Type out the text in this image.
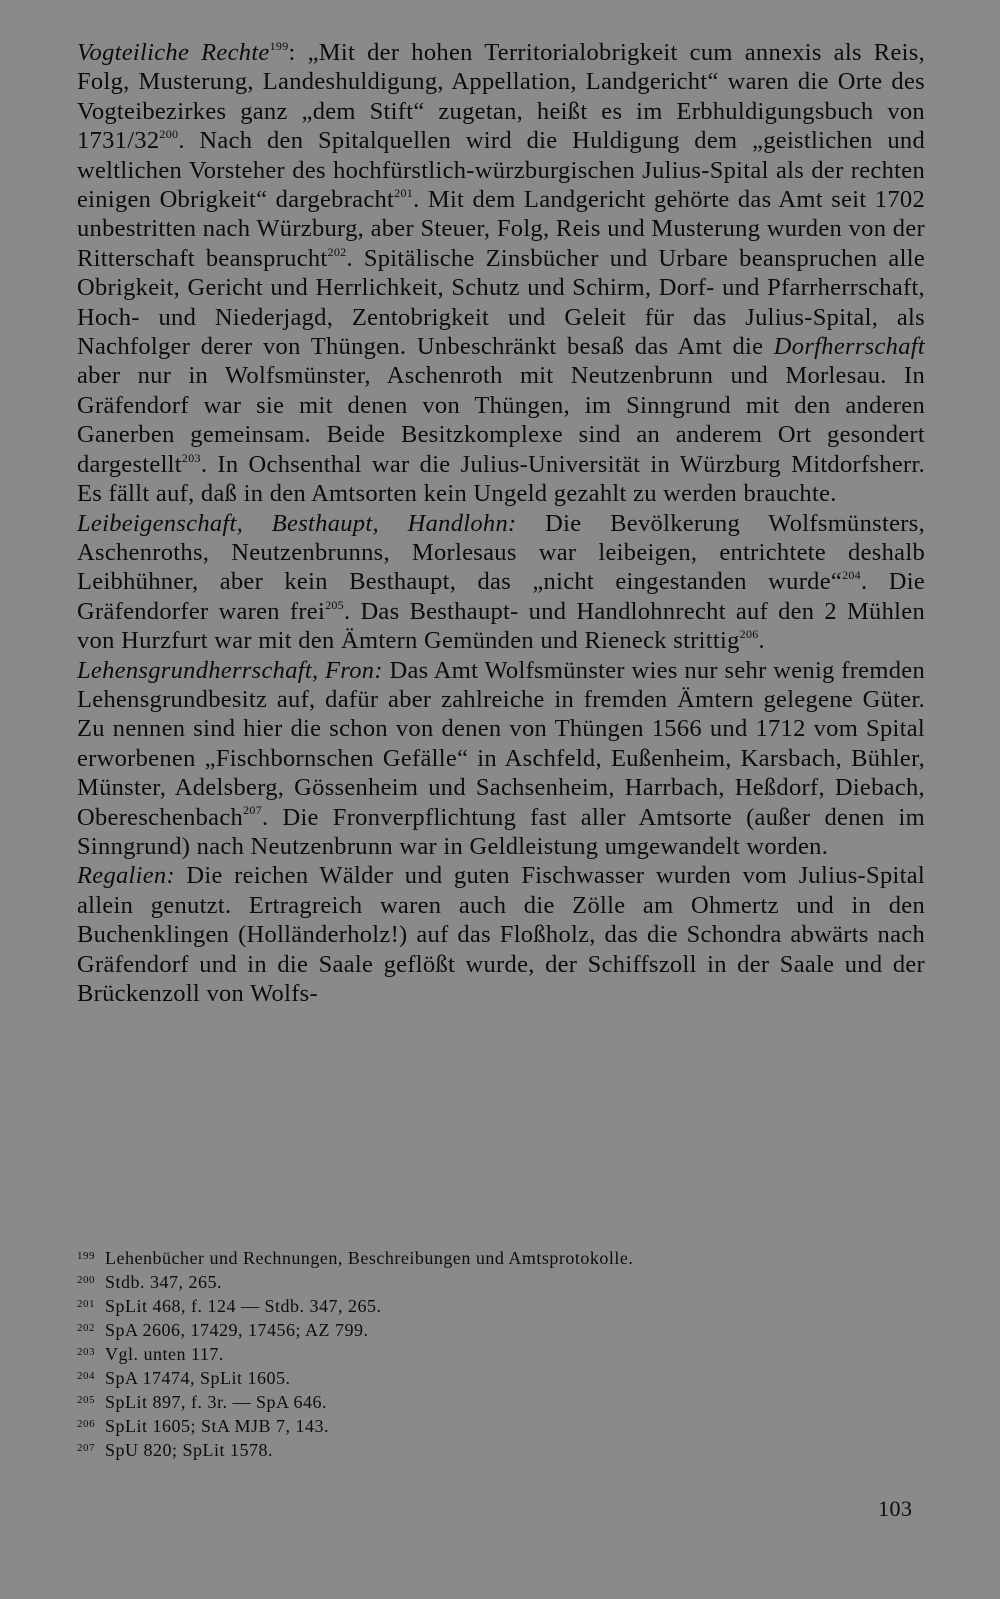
Vogteiliche Rechte$^{199}$: „Mit der hohen Territorialobrigkeit cum annexis als Reis, Folg, Musterung, Landeshuldigung, Appellation, Landgericht“ waren die Orte des Vogteibezirkes ganz „dem Stift“ zugetan, heißt es im Erbhuldigungsbuch von $1731/32^{200}$. Nach den Spitalquellen wird die Huldigung dem „geistlichen und weltlichen Vorsteher des hochfürstlich-würzburgischen Julius-Spital als der rechten einigen Obrigkeit“ dargebracht$^{201}$. Mit dem Landgericht gehörte das Amt seit 1702 unbestritten nach Würzburg, aber Steuer, Folg, Reis und Musterung wurden von der Ritterschaft beansprucht$^{202}$. Spitälische Zinsbücher und Urbare beanspruchen alle Obrigkeit, Gericht und Herrlichkeit, Schutz und Schirm, Dorf- und Pfarrherrschaft, Hoch- und Niederjagd, Zentobrigkeit und Geleit für das Julius-Spital, als Nachfolger derer von Thüngen. Unbeschränkt besaß das Amt die Dorfherrschaft aber nur in Wolfsmünster, Aschenroth mit Neutzenbrunn und Morlesau. In Gräfendorf war sie mit denen von Thüngen, im Sinngrund mit den anderen Ganerben gemeinsam. Beide Besitzkomplexe sind an anderem Ort gesondert dargestellt$^{203}$. In Ochsenthal war die Julius-Universität in Würzburg Mitdorfsherr. Es fällt auf, daß in den Amtsorten kein Ungeld gezahlt zu werden brauchte.

Leibeigenschaft, Besthaupt, Handlohn: Die Bevölkerung Wolfsmünsters, Aschenroths, Neutzenbrunns, Morlesaus war leibeigen, entrichtete deshalb Leibhühner, aber kein Besthaupt, das „nicht eingestanden wurde“$^{204}$. Die Gräfendorfer waren frei$^{205}$. Das Besthaupt- und Handlohnrecht auf den 2 Mühlen von Hurzfurt war mit den Ämtern Gemünden und Rieneck strittig$^{206}$.

Lehensgrundherrschaft, Fron: Das Amt Wolfsmünster wies nur sehr wenig fremden Lehensgrundbesitz auf, dafür aber zahlreiche in fremden Ämtern gelegene Güter. Zu nennen sind hier die schon von denen von Thüngen 1566 und 1712 vom Spital erworbenen „Fischbornschen Gefälle“ in Aschfeld, Eußenheim, Karsbach, Bühler, Münster, Adelsberg, Gössenheim und Sachsenheim, Harrbach, Heßdorf, Diebach, Obereschenbach$^{207}$. Die Fronverpflichtung fast aller Amtsorte (außer denen im Sinngrund) nach Neutzenbrunn war in Geldleistung umgewandelt worden.

Regalien: Die reichen Wälder und guten Fischwasser wurden vom Julius-Spital allein genutzt. Ertragreich waren auch die Zölle am Ohmertz und in den Buchenklingen (Holländerholz!) auf das Floßholz, das die Schondra abwärts nach Gräfendorf und in die Saale geflößt wurde, der Schiffszoll in der Saale und der Brückenzoll von Wolfs-

199 Lehenbücher und Rechnungen, Beschreibungen und Amtsprotokolle.

200 Stdb. 347, 265.

201 SpLit 468, f. 124 — Stdb. 347, 265.

202 SpA 2606, 17429, 17456; AZ 799.

203 Vgl. unten 117.

204 SpA 17474, SpLit 1605.

205 SpLit 897, f. 3r. — SpA 646.

206 SpLit 1605; StA MJB 7, 143.

207 SpU 820; SpLit 1578.

103
